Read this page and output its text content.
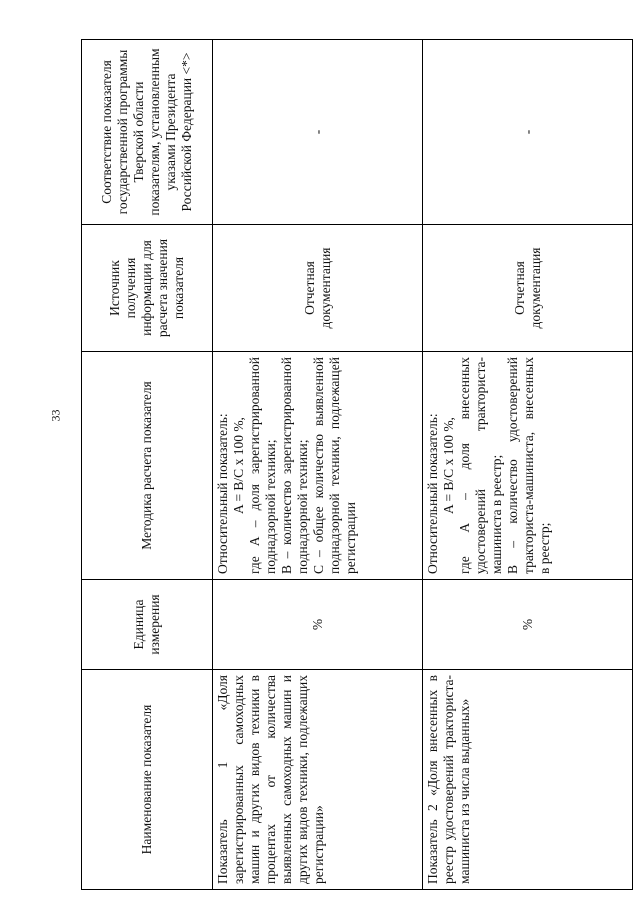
33
Наименование показателя	Единица измерения	Методика расчета показателя	Источник получения информации для расчета значения показателя	Соответствие показателя государственной программы Тверской области показателям, установленным указами Президента Российской Федерации <*>
Показатель 1 «Доля зарегистрированных самоходных машин и других видов техники в процентах от количества выявленных самоходных машин и других видов техники, подлежащих регистрации»	%	Относительный показатель: A = B/C x 100 %, где A – доля зарегистрированной поднадзорной техники; B – количество зарегистрированной поднадзорной техники; C – общее количество выявленной поднадзорной техники, подлежащей регистрации	Отчетная документация	-
Показатель 2 «Доля внесенных в реестр удостоверений тракториста-машиниста из числа выданных»	%	Относительный показатель: A = B/C x 100 %, где A – доля внесенных удостоверений тракториста-машиниста в реестр; B – количество удостоверений тракториста-машиниста, внесенных в реестр;	Отчетная документация	-
